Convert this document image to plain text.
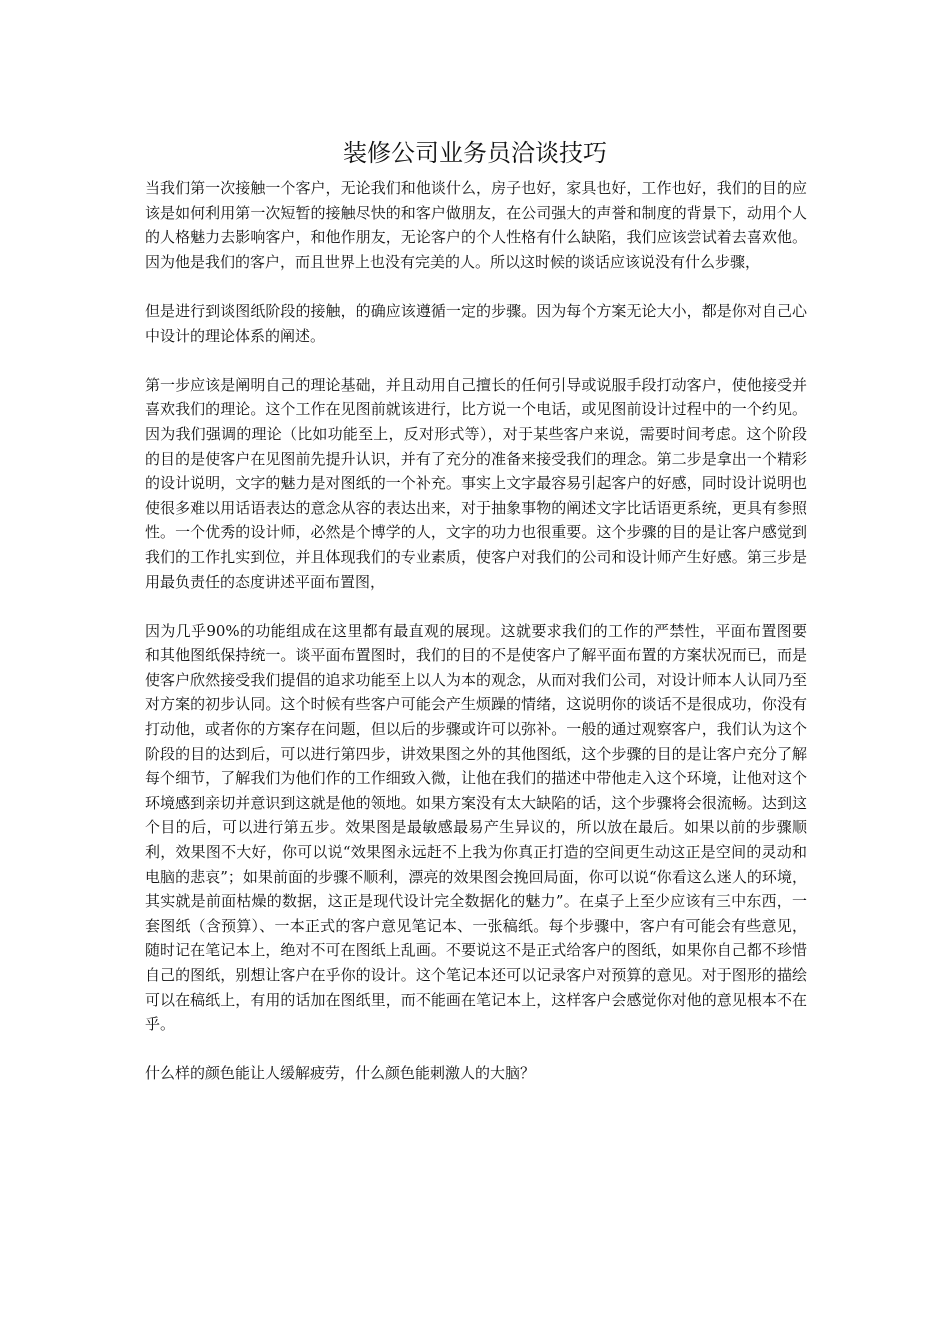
装修公司业务员洽谈技巧

当我们第一次接触一个客户，无论我们和他谈什么，房子也好，家具也好，工作也好，我们的目的应该是如何利用第一次短暂的接触尽快的和客户做朋友，在公司强大的声誉和制度的背景下，动用个人的人格魅力去影响客户，和他作朋友，无论客户的个人性格有什么缺陷，我们应该尝试着去喜欢他。因为他是我们的客户，而且世界上也没有完美的人。所以这时候的谈话应该说没有什么步骤，

但是进行到谈图纸阶段的接触，的确应该遵循一定的步骤。因为每个方案无论大小，都是你对自己心中设计的理论体系的阐述。

第一步应该是阐明自己的理论基础，并且动用自己擅长的任何引导或说服手段打动客户，使他接受并喜欢我们的理论。这个工作在见图前就该进行，比方说一个电话，或见图前设计过程中的一个约见。因为我们强调的理论（比如功能至上，反对形式等），对于某些客户来说，需要时间考虑。这个阶段的目的是使客户在见图前先提升认识，并有了充分的准备来接受我们的理念。第二步是拿出一个精彩的设计说明，文字的魅力是对图纸的一个补充。事实上文字最容易引起客户的好感，同时设计说明也使很多难以用话语表达的意念从容的表达出来，对于抽象事物的阐述文字比话语更系统，更具有参照性。一个优秀的设计师，必然是个博学的人，文字的功力也很重要。这个步骤的目的是让客户感觉到我们的工作扎实到位，并且体现我们的专业素质，使客户对我们的公司和设计师产生好感。第三步是用最负责任的态度讲述平面布置图，

因为几乎90%的功能组成在这里都有最直观的展现。这就要求我们的工作的严禁性，平面布置图要和其他图纸保持统一。谈平面布置图时，我们的目的不是使客户了解平面布置的方案状况而已，而是使客户欣然接受我们提倡的追求功能至上以人为本的观念，从而对我们公司，对设计师本人认同乃至对方案的初步认同。这个时候有些客户可能会产生烦躁的情绪，这说明你的谈话不是很成功，你没有打动他，或者你的方案存在问题，但以后的步骤或许可以弥补。一般的通过观察客户，我们认为这个阶段的目的达到后，可以进行第四步，讲效果图之外的其他图纸，这个步骤的目的是让客户充分了解每个细节，了解我们为他们作的工作细致入微，让他在我们的描述中带他走入这个环境，让他对这个环境感到亲切并意识到这就是他的领地。如果方案没有太大缺陷的话，这个步骤将会很流畅。达到这个目的后，可以进行第五步。效果图是最敏感最易产生异议的，所以放在最后。如果以前的步骤顺利，效果图不大好，你可以说“效果图永远赶不上我为你真正打造的空间更生动这正是空间的灵动和电脑的悲哀”；如果前面的步骤不顺利，漂亮的效果图会挽回局面，你可以说“你看这么迷人的环境，其实就是前面枯燥的数据，这正是现代设计完全数据化的魅力”。在桌子上至少应该有三中东西，一套图纸（含预算）、一本正式的客户意见笔记本、一张稿纸。每个步骤中，客户有可能会有些意见，随时记在笔记本上，绝对不可在图纸上乱画。不要说这不是正式给客户的图纸，如果你自己都不珍惜自己的图纸，别想让客户在乎你的设计。这个笔记本还可以记录客户对预算的意见。对于图形的描绘可以在稿纸上，有用的话加在图纸里，而不能画在笔记本上，这样客户会感觉你对他的意见根本不在乎。

什么样的颜色能让人缓解疲劳，什么颜色能刺激人的大脑？
